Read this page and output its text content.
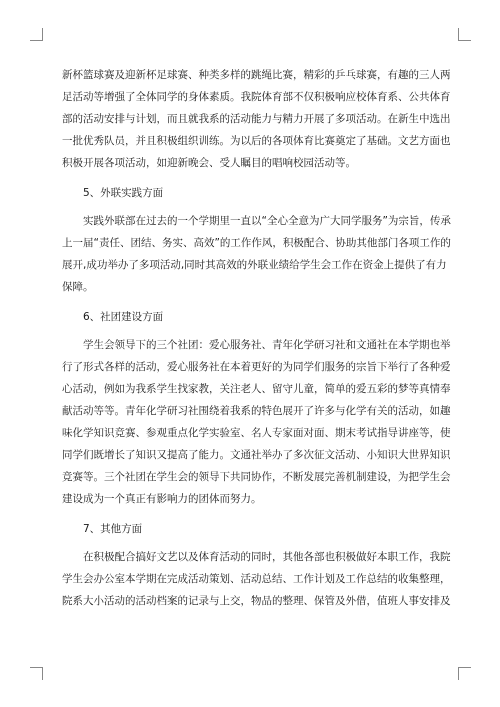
新杯篮球赛及迎新杯足球赛、种类多样的跳绳比赛，精彩的乒乓球赛，有趣的三人两
足活动等增强了全体同学的身体素质。我院体育部不仅积极响应校体育系、公共体育
部的活动安排与计划，而且就我系的活动能力与精力开展了多项活动。在新生中选出
一批优秀队员，并且积极组织训练。为以后的各项体育比赛奠定了基础。文艺方面也
积极开展各项活动，如迎新晚会、受人瞩目的唱响校园活动等。

5、外联实践方面

实践外联部在过去的一个学期里一直以“全心全意为广大同学服务”为宗旨，传承
上一届“责任、团结、务实、高效”的工作作风，积极配合、协助其他部门各项工作的
展开,成功举办了多项活动,同时其高效的外联业绩给学生会工作在资金上提供了有力
保障。

6、社团建设方面

学生会领导下的三个社团：爱心服务社、青年化学研习社和文通社在本学期也举
行了形式各样的活动，爱心服务社在本着更好的为同学们服务的宗旨下举行了各种爱
心活动，例如为我系学生找家教，关注老人、留守儿童，简单的爱五彩的梦等真情奉
献活动等等。青年化学研习社围绕着我系的特色展开了许多与化学有关的活动，如趣
味化学知识竞赛、参观重点化学实验室、名人专家面对面、期末考试指导讲座等，使
同学们既增长了知识又提高了能力。文通社举办了多次征文活动、小知识大世界知识
竞赛等。三个社团在学生会的领导下共同协作，不断发展完善机制建设，为把学生会
建设成为一个真正有影响力的团体而努力。

7、其他方面

在积极配合搞好文艺以及体育活动的同时，其他各部也积极做好本职工作，我院
学生会办公室本学期在完成活动策划、活动总结、工作计划及工作总结的收集整理，
院系大小活动的活动档案的记录与上交，物品的整理、保管及外借，值班人事安排及
